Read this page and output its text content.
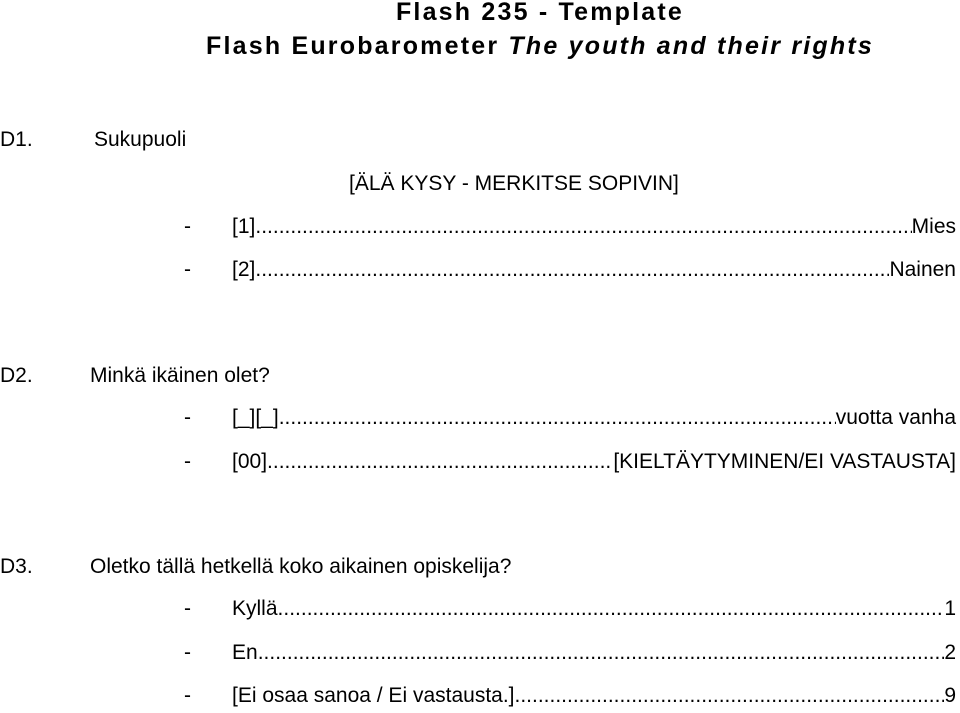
Flash 235 - Template
Flash Eurobarometer The youth and their rights
D1.	Sukupuoli
[ÄLÄ KYSY - MERKITSE SOPIVIN]
-	[1] .....	Mies
-	[2] .....	Nainen
D2.	Minkä ikäinen olet?
-	[_][_] .....	vuotta vanha
-	[00] .....	[KIELTÄYTYMINEN/EI VASTAUSTA]
D3.	Oletko tällä hetkellä koko aikainen opiskelija?
-	Kyllä .....	1
-	En .....	2
-	[Ei osaa sanoa / Ei vastausta.] .....	9
